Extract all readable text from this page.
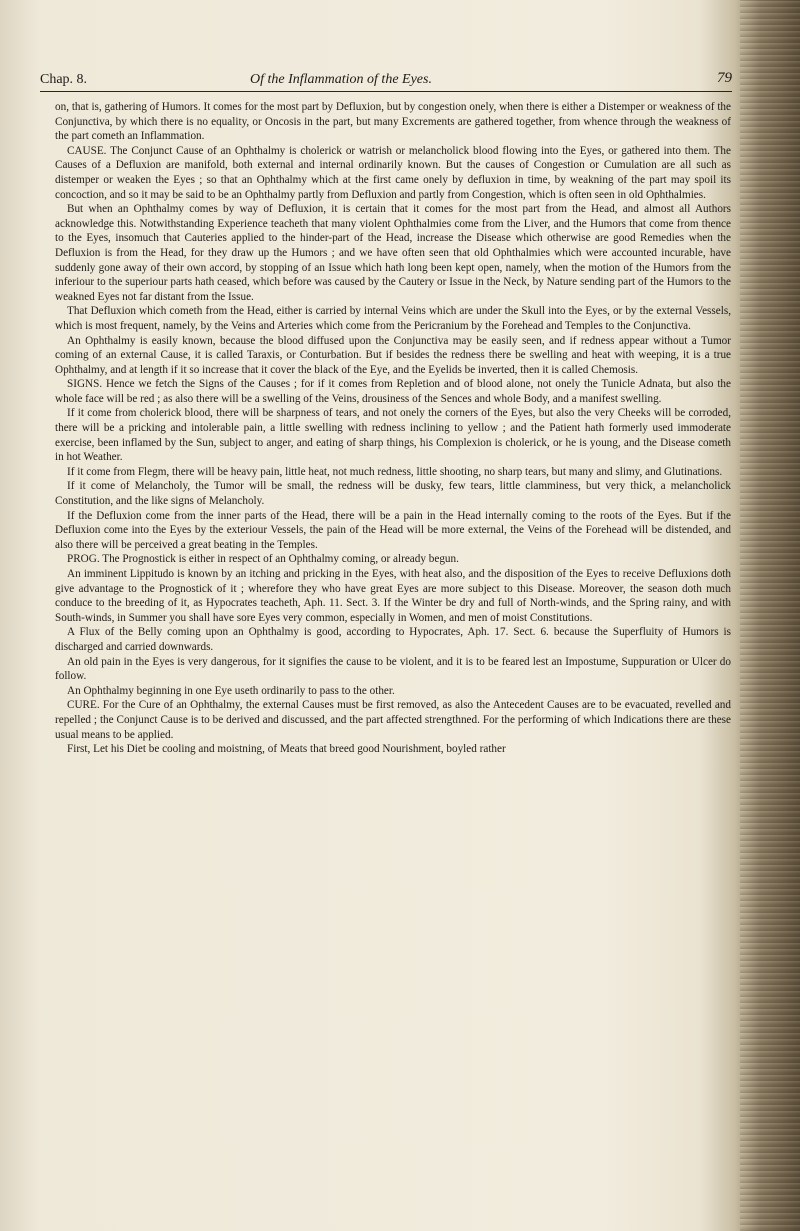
Chap. 8.	Of the Inflammation of the Eyes.	79

on, that is, gathering of Humors. It comes for the most part by Defluxion, but by congestion onely, when there is either a Distemper or weakness of the Conjunctiva, by which there is no equality, or Oncosis in the part, but many Excrements are gathered together, from whence through the weakness of the part cometh an Inflammation.

CAUSE. The Conjunct Cause of an Ophthalmy is cholerick or watrish or melancholick blood flowing into the Eyes, or gathered into them. The Causes of a Defluxion are manifold, both external and internal ordinarily known. But the causes of Congestion or Cumulation are all such as distemper or weaken the Eyes ; so that an Ophthalmy which at the first came onely by defluxion in time, by weakning of the part may spoil its concoction, and so it may be said to be an Ophthalmy partly from Defluxion and partly from Congestion, which is often seen in old Ophthalmies.

But when an Ophthalmy comes by way of Defluxion, it is certain that it comes for the most part from the Head, and almost all Authors acknowledge this. Notwithstanding Experience teacheth that many violent Ophthalmies come from the Liver, and the Humors that come from thence to the Eyes, insomuch that Cauteries applied to the hinder-part of the Head, increase the Disease which otherwise are good Remedies when the Defluxion is from the Head, for they draw up the Humors ; and we have often seen that old Ophthalmies which were accounted incurable, have suddenly gone away of their own accord, by stopping of an Issue which hath long been kept open, namely, when the motion of the Humors from the inferiour to the superiour parts hath ceased, which before was caused by the Cautery or Issue in the Neck, by Nature sending part of the Humors to the weakned Eyes not far distant from the Issue.

That Defluxion which cometh from the Head, either is carried by internal Veins which are under the Skull into the Eyes, or by the external Vessels, which is most frequent, namely, by the Veins and Arteries which come from the Pericranium by the Forehead and Temples to the Conjunctiva.

An Ophthalmy is easily known, because the blood diffused upon the Conjunctiva may be easily seen, and if redness appear without a Tumor coming of an external Cause, it is called Taraxis, or Conturbation. But if besides the redness there be swelling and heat with weeping, it is a true Ophthalmy, and at length if it so increase that it cover the black of the Eye, and the Eyelids be inverted, then it is called Chemosis.

SIGNS. Hence we fetch the Signs of the Causes ; for if it comes from Repletion and of blood alone, not onely the Tunicle Adnata, but also the whole face will be red ; as also there will be a swelling of the Veins, drousiness of the Sences and whole Body, and a manifest swelling.

If it come from cholerick blood, there will be sharpness of tears, and not onely the corners of the Eyes, but also the very Cheeks will be corroded, there will be a pricking and intolerable pain, a little swelling with redness inclining to yellow ; and the Patient hath formerly used immoderate exercise, been inflamed by the Sun, subject to anger, and eating of sharp things, his Complexion is cholerick, or he is young, and the Disease cometh in hot Weather.

If it come from Flegm, there will be heavy pain, little heat, not much redness, little shooting, no sharp tears, but many and slimy, and Glutinations.

If it come of Melancholy, the Tumor will be small, the redness will be dusky, few tears, little clamminess, but very thick, a melancholick Constitution, and the like signs of Melancholy.

If the Defluxion come from the inner parts of the Head, there will be a pain in the Head internally coming to the roots of the Eyes. But if the Defluxion come into the Eyes by the exteriour Vessels, the pain of the Head will be more external, the Veins of the Forehead will be distended, and also there will be perceived a great beating in the Temples.

PROG. The Prognostick is either in respect of an Ophthalmy coming, or already begun.

An imminent Lippitudo is known by an itching and pricking in the Eyes, with heat also, and the disposition of the Eyes to receive Defluxions doth give advantage to the Prognostick of it ; wherefore they who have great Eyes are more subject to this Disease. Moreover, the season doth much conduce to the breeding of it, as Hypocrates teacheth, Aph. 11. Sect. 3. If the Winter be dry and full of North-winds, and the Spring rainy, and with South-winds, in Summer you shall have sore Eyes very common, especially in Women, and men of moist Constitutions.

A Flux of the Belly coming upon an Ophthalmy is good, according to Hypocrates, Aph. 17. Sect. 6. because the Superfluity of Humors is discharged and carried downwards.

An old pain in the Eyes is very dangerous, for it signifies the cause to be violent, and it is to be feared lest an Impostume, Suppuration or Ulcer do follow.

An Ophthalmy beginning in one Eye useth ordinarily to pass to the other.

CURE. For the Cure of an Ophthalmy, the external Causes must be first removed, as also the Antecedent Causes are to be evacuated, revelled and repelled ; the Conjunct Cause is to be derived and discussed, and the part affected strengthned. For the performing of which Indications there are these usual means to be applied.

First, Let his Diet be cooling and moistning, of Meats that breed good Nourishment, boyled rather
